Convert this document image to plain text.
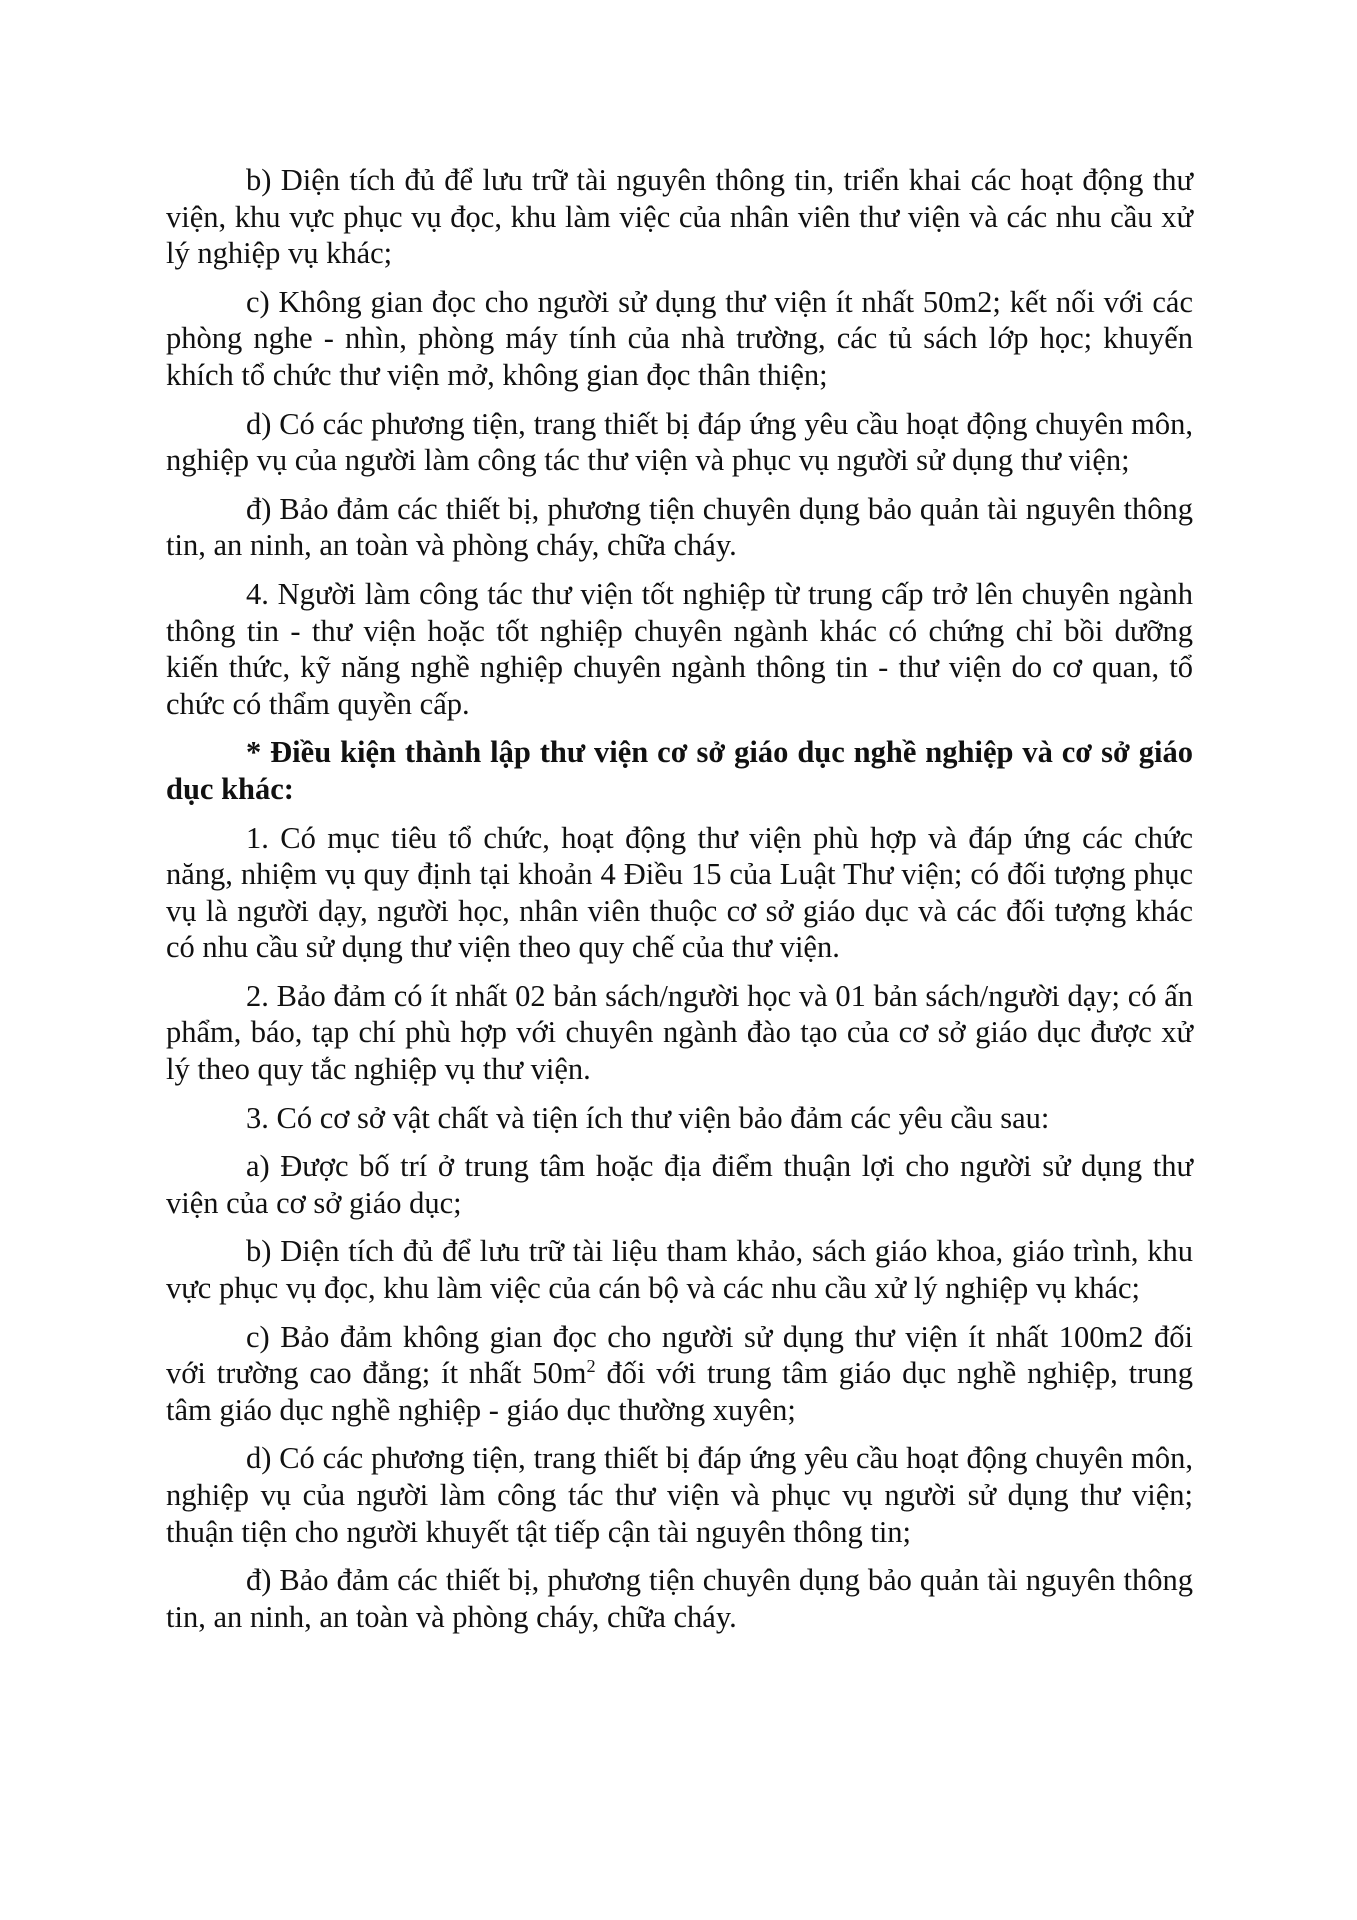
b) Diện tích đủ để lưu trữ tài nguyên thông tin, triển khai các hoạt động thư viện, khu vực phục vụ đọc, khu làm việc của nhân viên thư viện và các nhu cầu xử lý nghiệp vụ khác;

c) Không gian đọc cho người sử dụng thư viện ít nhất 50m2; kết nối với các phòng nghe - nhìn, phòng máy tính của nhà trường, các tủ sách lớp học; khuyến khích tổ chức thư viện mở, không gian đọc thân thiện;

d) Có các phương tiện, trang thiết bị đáp ứng yêu cầu hoạt động chuyên môn, nghiệp vụ của người làm công tác thư viện và phục vụ người sử dụng thư viện;

đ) Bảo đảm các thiết bị, phương tiện chuyên dụng bảo quản tài nguyên thông tin, an ninh, an toàn và phòng cháy, chữa cháy.

4. Người làm công tác thư viện tốt nghiệp từ trung cấp trở lên chuyên ngành thông tin - thư viện hoặc tốt nghiệp chuyên ngành khác có chứng chỉ bồi dưỡng kiến thức, kỹ năng nghề nghiệp chuyên ngành thông tin - thư viện do cơ quan, tổ chức có thẩm quyền cấp.

* Điều kiện thành lập thư viện cơ sở giáo dục nghề nghiệp và cơ sở giáo dục khác:

1. Có mục tiêu tổ chức, hoạt động thư viện phù hợp và đáp ứng các chức năng, nhiệm vụ quy định tại khoản 4 Điều 15 của Luật Thư viện; có đối tượng phục vụ là người dạy, người học, nhân viên thuộc cơ sở giáo dục và các đối tượng khác có nhu cầu sử dụng thư viện theo quy chế của thư viện.

2. Bảo đảm có ít nhất 02 bản sách/người học và 01 bản sách/người dạy; có ấn phẩm, báo, tạp chí phù hợp với chuyên ngành đào tạo của cơ sở giáo dục được xử lý theo quy tắc nghiệp vụ thư viện.

3. Có cơ sở vật chất và tiện ích thư viện bảo đảm các yêu cầu sau:

a) Được bố trí ở trung tâm hoặc địa điểm thuận lợi cho người sử dụng thư viện của cơ sở giáo dục;

b) Diện tích đủ để lưu trữ tài liệu tham khảo, sách giáo khoa, giáo trình, khu vực phục vụ đọc, khu làm việc của cán bộ và các nhu cầu xử lý nghiệp vụ khác;

c) Bảo đảm không gian đọc cho người sử dụng thư viện ít nhất 100m2 đối với trường cao đẳng; ít nhất $50m^2$ đối với trung tâm giáo dục nghề nghiệp, trung tâm giáo dục nghề nghiệp - giáo dục thường xuyên;

d) Có các phương tiện, trang thiết bị đáp ứng yêu cầu hoạt động chuyên môn, nghiệp vụ của người làm công tác thư viện và phục vụ người sử dụng thư viện; thuận tiện cho người khuyết tật tiếp cận tài nguyên thông tin;

đ) Bảo đảm các thiết bị, phương tiện chuyên dụng bảo quản tài nguyên thông tin, an ninh, an toàn và phòng cháy, chữa cháy.
